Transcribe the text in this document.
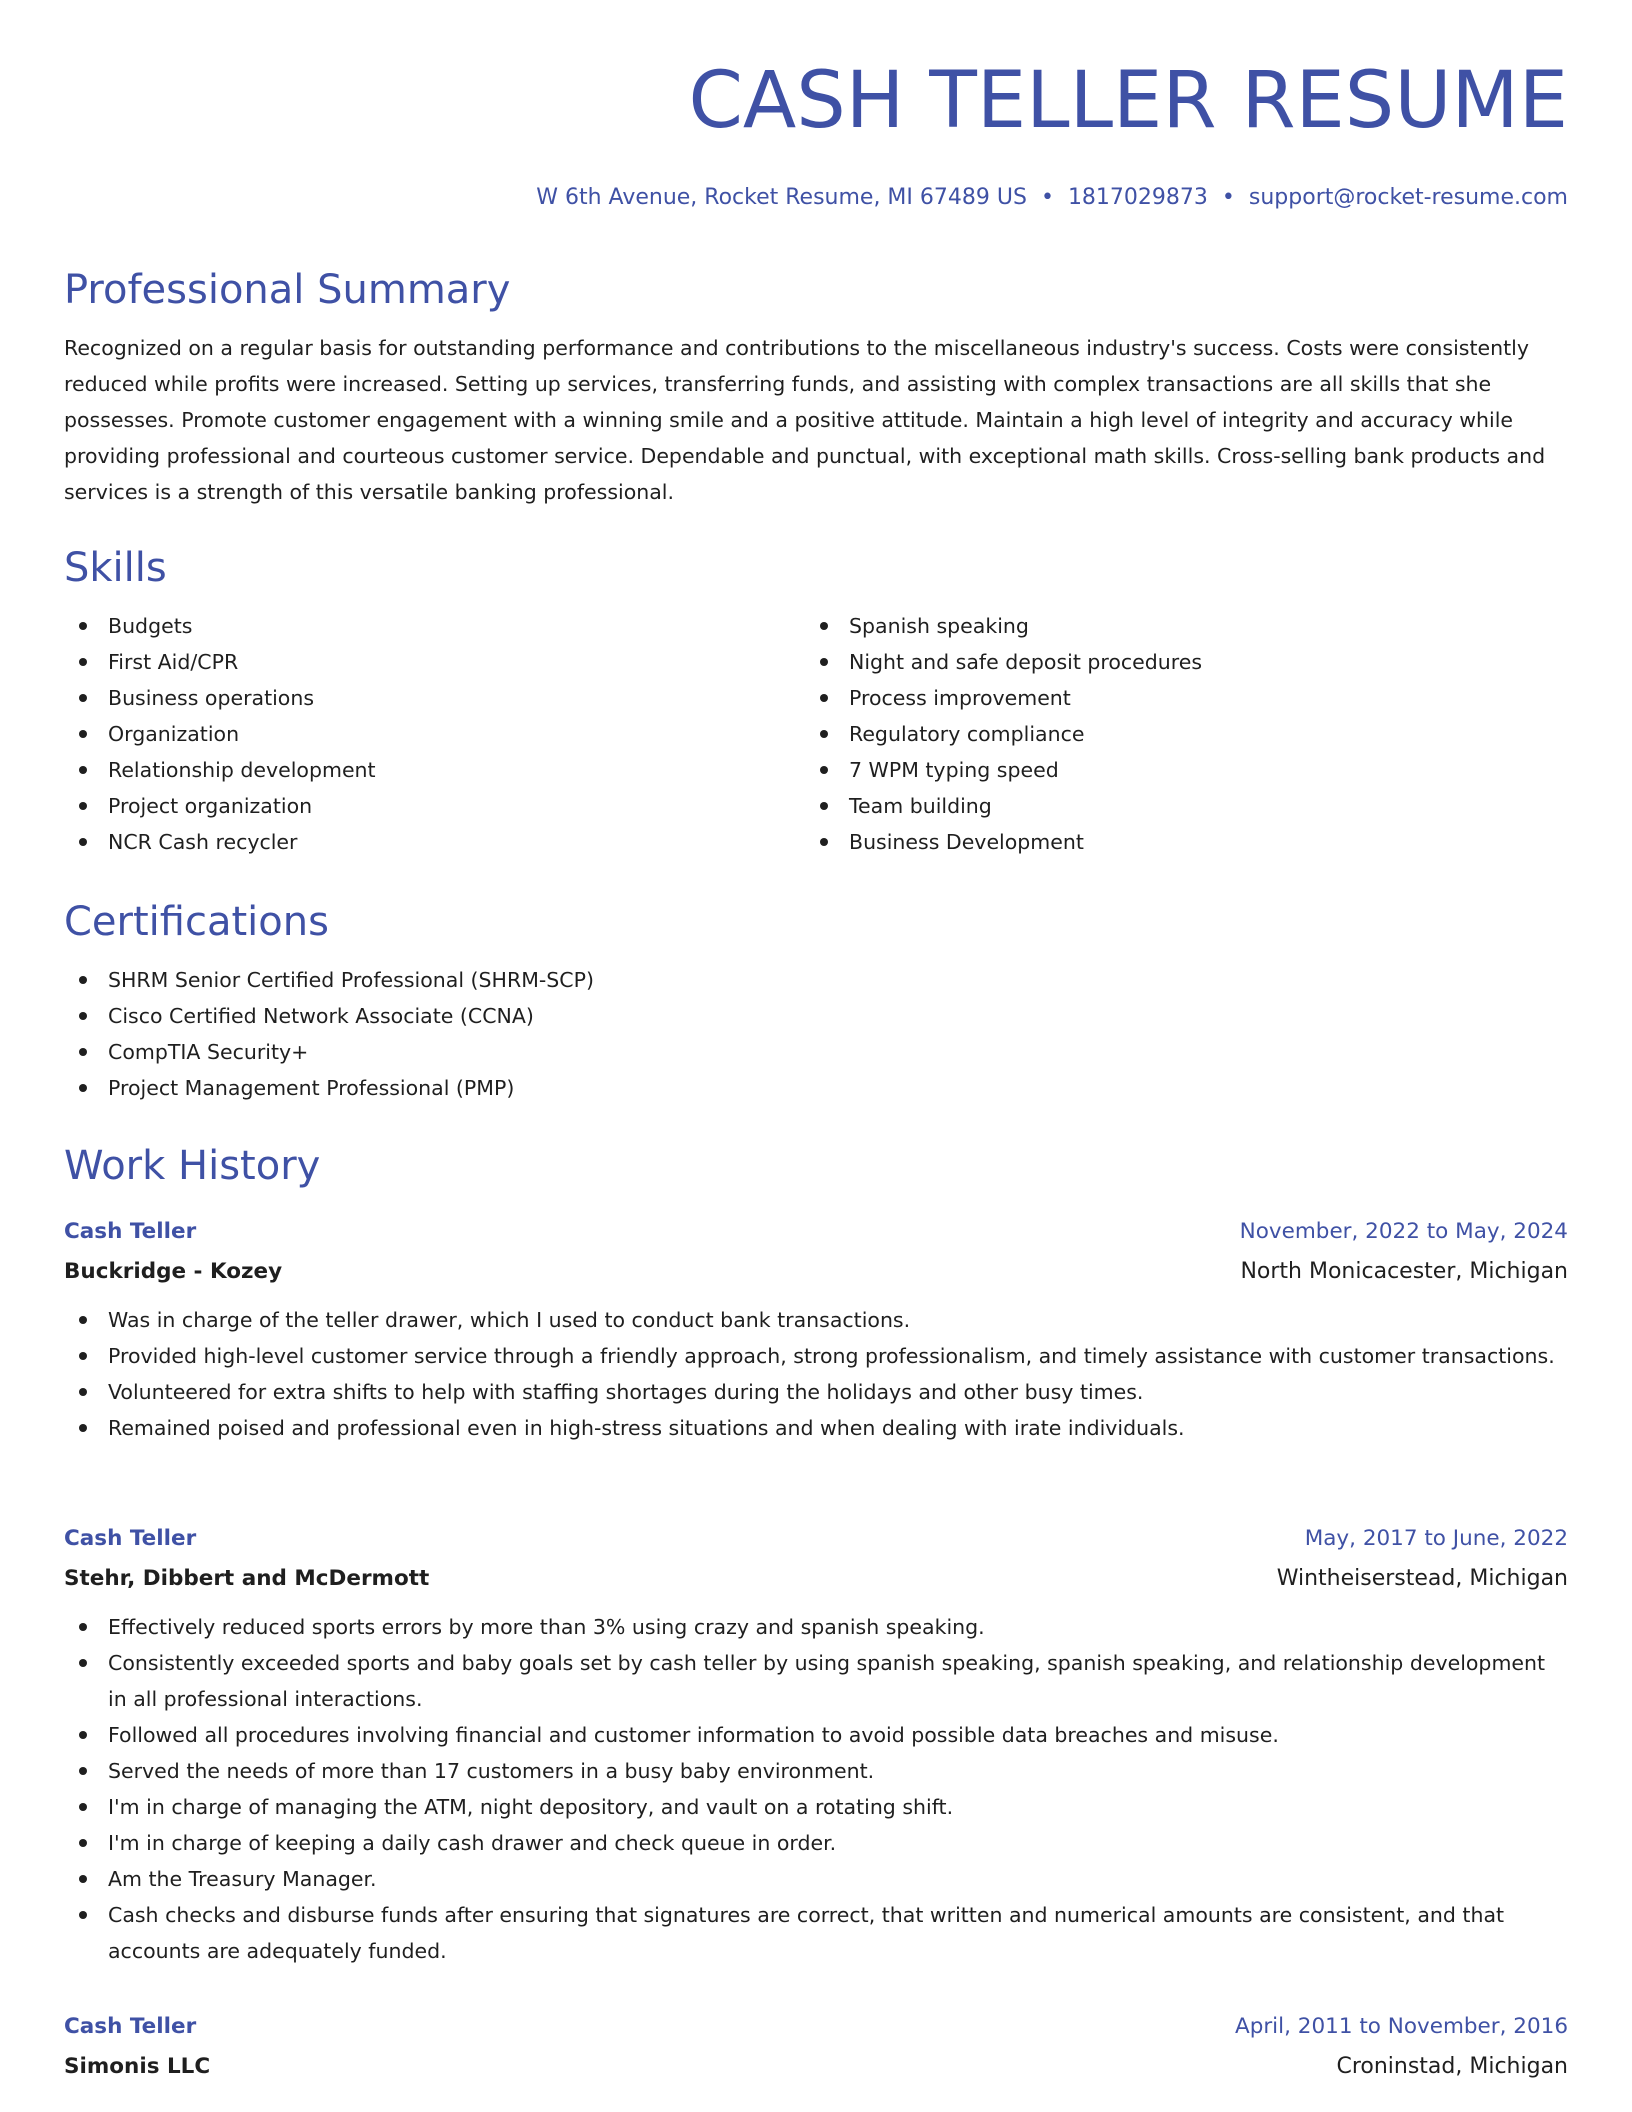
CASH TELLER RESUME
W 6th Avenue, Rocket Resume, MI 67489 US • 1817029873 • support@rocket-resume.com
Professional Summary

Recognized on a regular basis for outstanding performance and contributions to the miscellaneous industry's success. Costs were consistently reduced while profits were increased. Setting up services, transferring funds, and assisting with complex transactions are all skills that she possesses. Promote customer engagement with a winning smile and a positive attitude. Maintain a high level of integrity and accuracy while providing professional and courteous customer service. Dependable and punctual, with exceptional math skills. Cross-selling bank products and services is a strength of this versatile banking professional.

Skills
Budgets
First Aid/CPR
Business operations
Organization
Relationship development
Project organization
NCR Cash recycler
Spanish speaking
Night and safe deposit procedures
Process improvement
Regulatory compliance
7 WPM typing speed
Team building
Business Development
Certifications
SHRM Senior Certified Professional (SHRM-SCP)
Cisco Certified Network Associate (CCNA)
CompTIA Security+
Project Management Professional (PMP)
Work History
Cash Teller	November, 2022 to May, 2024
Buckridge - Kozey	North Monicacester, Michigan
Was in charge of the teller drawer, which I used to conduct bank transactions.
Provided high-level customer service through a friendly approach, strong professionalism, and timely assistance with customer transactions.
Volunteered for extra shifts to help with staffing shortages during the holidays and other busy times.
Remained poised and professional even in high-stress situations and when dealing with irate individuals.
Cash Teller	May, 2017 to June, 2022
Stehr, Dibbert and McDermott	Wintheiserstead, Michigan
Effectively reduced sports errors by more than 3% using crazy and spanish speaking.
Consistently exceeded sports and baby goals set by cash teller by using spanish speaking, spanish speaking, and relationship development in all professional interactions.
Followed all procedures involving financial and customer information to avoid possible data breaches and misuse.
Served the needs of more than 17 customers in a busy baby environment.
I'm in charge of managing the ATM, night depository, and vault on a rotating shift.
I'm in charge of keeping a daily cash drawer and check queue in order.
Am the Treasury Manager.
Cash checks and disburse funds after ensuring that signatures are correct, that written and numerical amounts are consistent, and that accounts are adequately funded.
Cash Teller	April, 2011 to November, 2016
Simonis LLC	Croninstad, Michigan
